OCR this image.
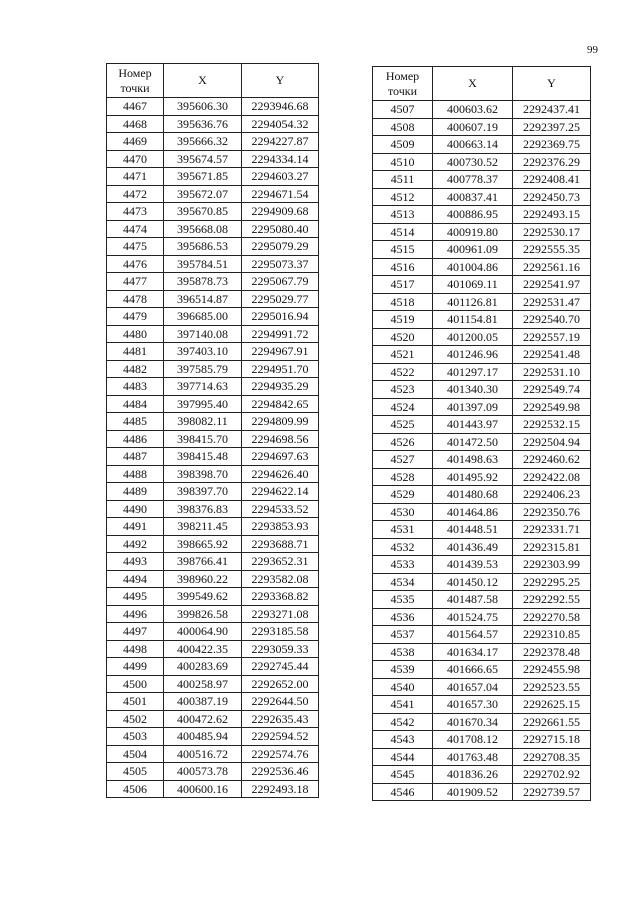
99
Номер
точки	X	Y
4467	395606.30	2293946.68
4468	395636.76	2294054.32
4469	395666.32	2294227.87
4470	395674.57	2294334.14
4471	395671.85	2294603.27
4472	395672.07	2294671.54
4473	395670.85	2294909.68
4474	395668.08	2295080.40
4475	395686.53	2295079.29
4476	395784.51	2295073.37
4477	395878.73	2295067.79
4478	396514.87	2295029.77
4479	396685.00	2295016.94
4480	397140.08	2294991.72
4481	397403.10	2294967.91
4482	397585.79	2294951.70
4483	397714.63	2294935.29
4484	397995.40	2294842.65
4485	398082.11	2294809.99
4486	398415.70	2294698.56
4487	398415.48	2294697.63
4488	398398.70	2294626.40
4489	398397.70	2294622.14
4490	398376.83	2294533.52
4491	398211.45	2293853.93
4492	398665.92	2293688.71
4493	398766.41	2293652.31
4494	398960.22	2293582.08
4495	399549.62	2293368.82
4496	399826.58	2293271.08
4497	400064.90	2293185.58
4498	400422.35	2293059.33
4499	400283.69	2292745.44
4500	400258.97	2292652.00
4501	400387.19	2292644.50
4502	400472.62	2292635.43
4503	400485.94	2292594.52
4504	400516.72	2292574.76
4505	400573.78	2292536.46
4506	400600.16	2292493.18
Номер
точки	X	Y
4507	400603.62	2292437.41
4508	400607.19	2292397.25
4509	400663.14	2292369.75
4510	400730.52	2292376.29
4511	400778.37	2292408.41
4512	400837.41	2292450.73
4513	400886.95	2292493.15
4514	400919.80	2292530.17
4515	400961.09	2292555.35
4516	401004.86	2292561.16
4517	401069.11	2292541.97
4518	401126.81	2292531.47
4519	401154.81	2292540.70
4520	401200.05	2292557.19
4521	401246.96	2292541.48
4522	401297.17	2292531.10
4523	401340.30	2292549.74
4524	401397.09	2292549.98
4525	401443.97	2292532.15
4526	401472.50	2292504.94
4527	401498.63	2292460.62
4528	401495.92	2292422.08
4529	401480.68	2292406.23
4530	401464.86	2292350.76
4531	401448.51	2292331.71
4532	401436.49	2292315.81
4533	401439.53	2292303.99
4534	401450.12	2292295.25
4535	401487.58	2292292.55
4536	401524.75	2292270.58
4537	401564.57	2292310.85
4538	401634.17	2292378.48
4539	401666.65	2292455.98
4540	401657.04	2292523.55
4541	401657.30	2292625.15
4542	401670.34	2292661.55
4543	401708.12	2292715.18
4544	401763.48	2292708.35
4545	401836.26	2292702.92
4546	401909.52	2292739.57
